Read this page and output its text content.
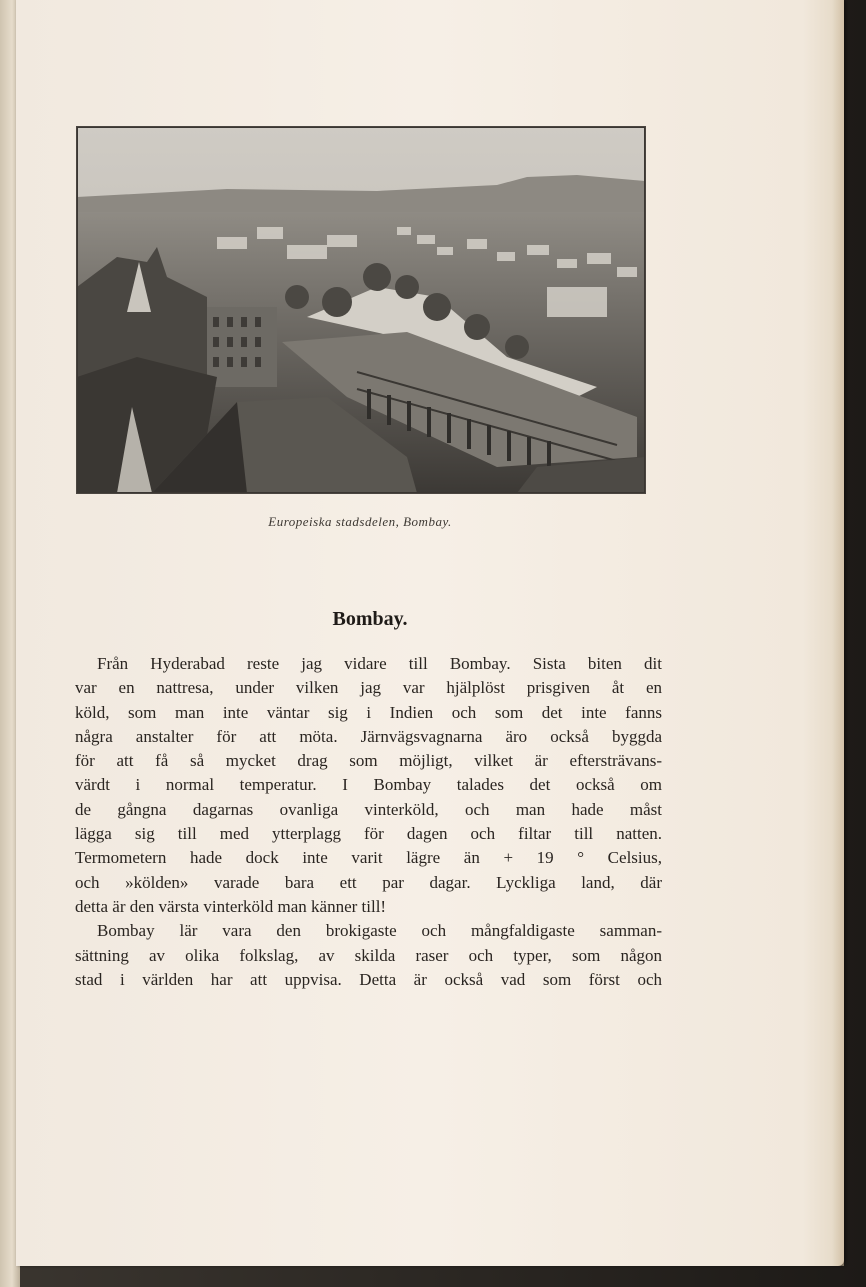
Europeiska stadsdelen, Bombay.
Bombay.
Från Hyderabad reste jag vidare till Bombay. Sista biten dit
var en nattresa, under vilken jag var hjälplöst prisgiven åt en
köld, som man inte väntar sig i Indien och som det inte fanns
några anstalter för att möta. Järnvägsvagnarna äro också byggda
för att få så mycket drag som möjligt, vilket är eftersträvans-
värdt i normal temperatur. I Bombay talades det också om
de gångna dagarnas ovanliga vinterköld, och man hade måst
lägga sig till med ytterplagg för dagen och filtar till natten.
Termometern hade dock inte varit lägre än + 19 ° Celsius,
och »kölden» varade bara ett par dagar. Lyckliga land, där
detta är den värsta vinterköld man känner till!
Bombay lär vara den brokigaste och mångfaldigaste samman-
sättning av olika folkslag, av skilda raser och typer, som någon
stad i världen har att uppvisa. Detta är också vad som först och
